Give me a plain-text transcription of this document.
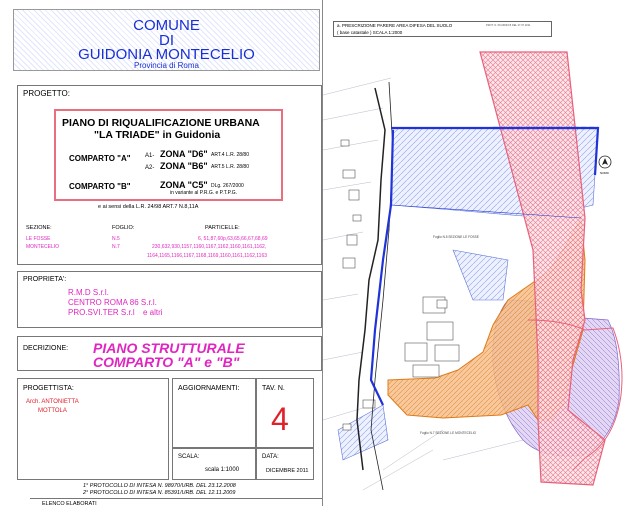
COMUNE
DI
GUIDONIA MONTECELIO
Provincia di Roma
PROGETTO:
PIANO DI RIQUALIFICAZIONE URBANA
"LA TRIADE" in Guidonia
COMPARTO "A" A1- ZONA "D6" ART.4 L.R. 28/80
A2- ZONA "B6" ART.5 L.R. 28/80
COMPARTO "B"	ZONA "C5" DLg. 267/2000
in variante al P.R.G. e P.T.P.G.
e ai sensi della L.R. 24/98 ART.7 N.8,11A
SEZIONE:	FOGLIO:	PARTICELLE:
LE FOSSE	N.5	6, 51,87,60p,63,65,66,67,68,69
MONTECELIO	N.7	230,632,930,1157,1160,1167,1162,1160,1161,1162,
1164,1165,1166,1167,1168,1169,1160,1161,1162,1163
PROPRIETA':
R.M.D S.r.l.
CENTRO ROMA 86 S.r.l.
PRO.SVI.TER S.r.l e altri
DECRIZIONE: PIANO STRUTTURALE
COMPARTO "A" e "B"
PROGETTISTA:
Arch. ANTONIETTA
MOTTOLA
AGGIORNAMENTI:	TAV. N.
4
SCALA:
scala 1:1000
DATA:
DICEMBRE 2011
1° PROTOCOLLO DI INTESA N. 98970/URB. DEL 23.12.2008
2° PROTOCOLLO DI INTESA N. 85391/URB. DEL 12.11.2009
ELENCO ELABORATI
a. PRESCRIZIONE PARERE AREA DIFESA DEL SUOLO	PROT. N. 66-0903/C5 DEL 27.07.2011
( base catastale ) SCALA 1:2000
NORD
Foglio N.5 SEZIONE LE FOSSE
Foglio N.7 SEZIONE LE MONTECELIO
